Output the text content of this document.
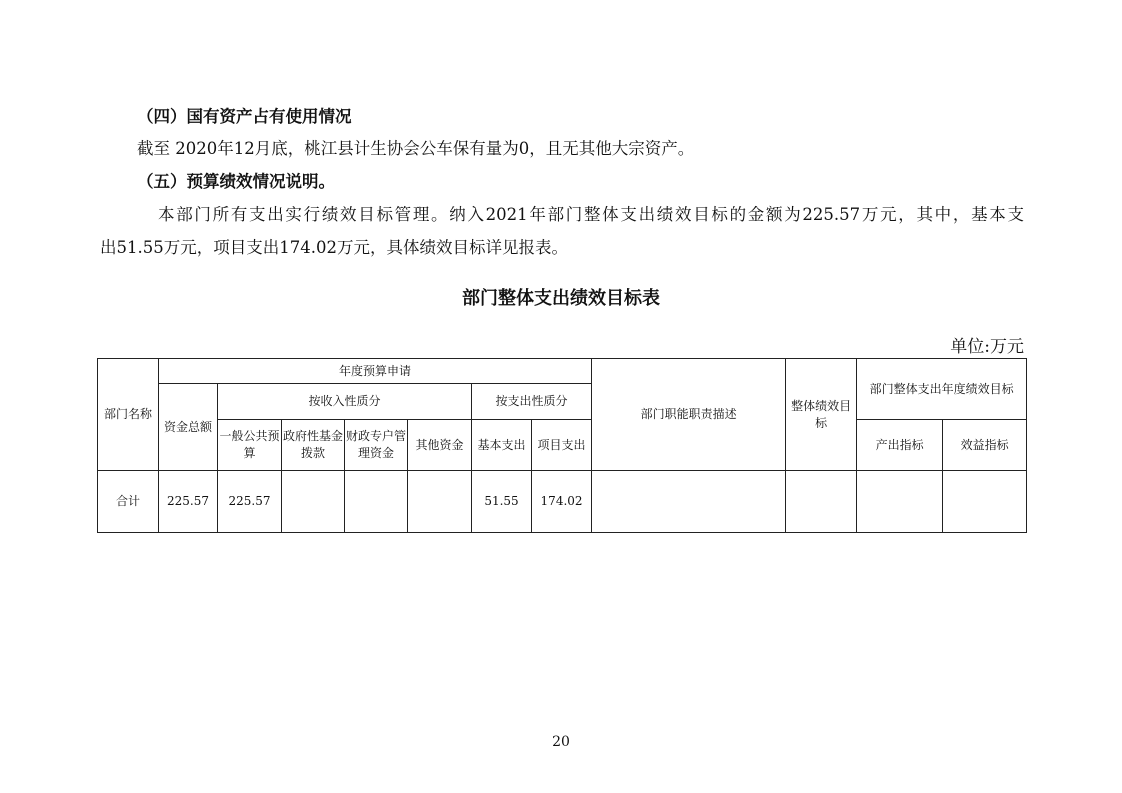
（四）国有资产占有使用情况
截至 2020年12月底，桃江县计生协会公车保有量为0，且无其他大宗资产。
（五）预算绩效情况说明。
本部门所有支出实行绩效目标管理。纳入2021年部门整体支出绩效目标的金额为225.57万元，其中，基本支
出51.55万元，项目支出174.02万元，具体绩效目标详见报表。
部门整体支出绩效目标表
单位:万元
部门名称	年度预算申请							部门职能职责描述	整体绩效目标	部门整体支出年度绩效目标	
	资金总额	按收入性质分				按支出性质分					
		一般公共预算	政府性基金拨款	财政专户管理资金	其他资金	基本支出	项目支出			产出指标	效益指标
合计	225.57	225.57				51.55	174.02				
20
